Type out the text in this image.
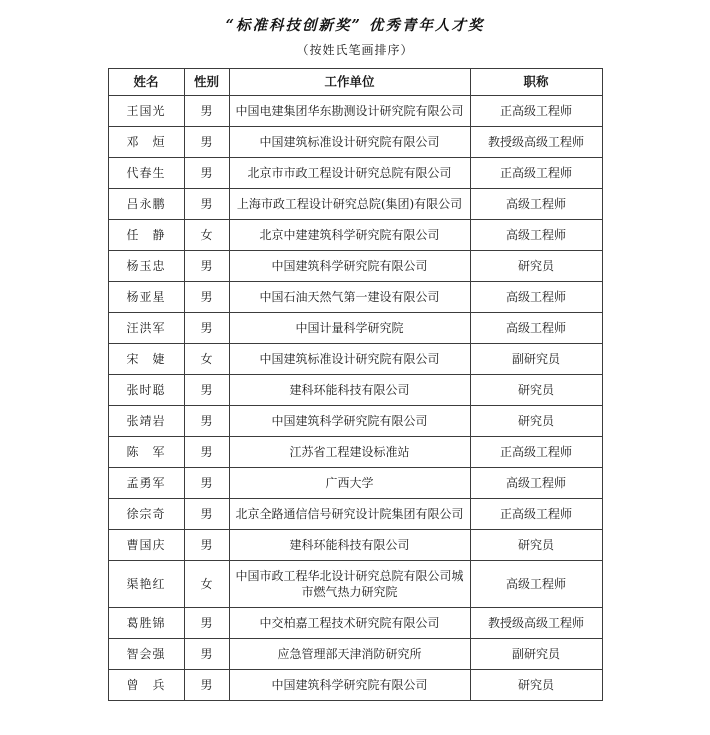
“标准科技创新奖” 优秀青年人才奖
（按姓氏笔画排序）
姓名	性别	工作单位	职称
王国光	男	中国电建集团华东勘测设计研究院有限公司	正高级工程师
邓　烜	男	中国建筑标准设计研究院有限公司	教授级高级工程师
代春生	男	北京市市政工程设计研究总院有限公司	正高级工程师
吕永鹏	男	上海市政工程设计研究总院(集团)有限公司	高级工程师
任　静	女	北京中建建筑科学研究院有限公司	高级工程师
杨玉忠	男	中国建筑科学研究院有限公司	研究员
杨亚星	男	中国石油天然气第一建设有限公司	高级工程师
汪洪军	男	中国计量科学研究院	高级工程师
宋　婕	女	中国建筑标准设计研究院有限公司	副研究员
张时聪	男	建科环能科技有限公司	研究员
张靖岩	男	中国建筑科学研究院有限公司	研究员
陈　军	男	江苏省工程建设标准站	正高级工程师
孟勇军	男	广西大学	高级工程师
徐宗奇	男	北京全路通信信号研究设计院集团有限公司	正高级工程师
曹国庆	男	建科环能科技有限公司	研究员
渠艳红	女	中国市政工程华北设计研究总院有限公司城市燃气热力研究院	高级工程师
葛胜锦	男	中交柏嘉工程技术研究院有限公司	教授级高级工程师
智会强	男	应急管理部天津消防研究所	副研究员
曾　兵	男	中国建筑科学研究院有限公司	研究员
